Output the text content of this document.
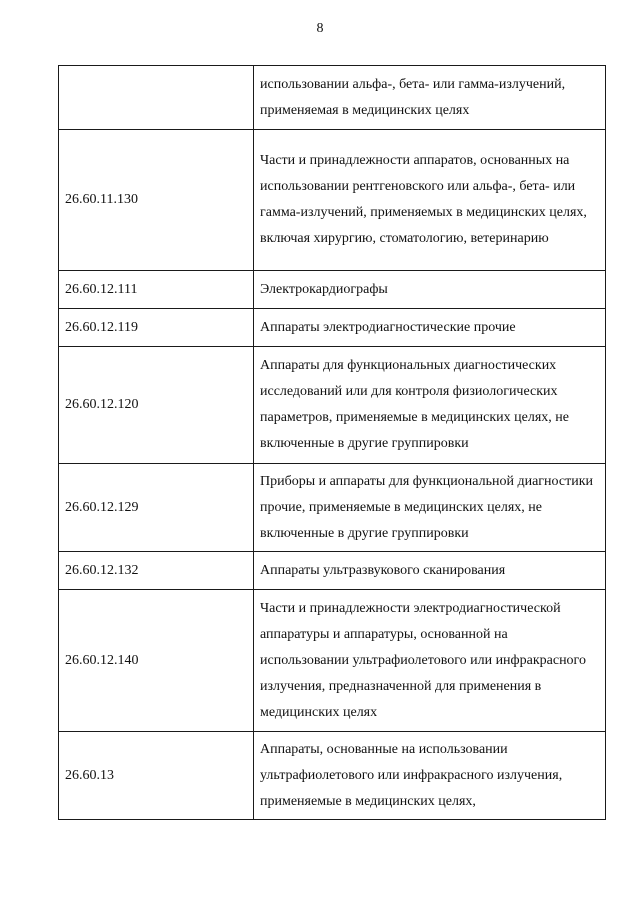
8

	использовании альфа-, бета- или гамма-излучений, применяемая в медицинских целях

26.60.11.130	Части и принадлежности аппаратов, основанных на использовании рентгеновского или альфа-, бета- или гамма-излучений, применяемых в медицинских целях, включая хирургию, стоматологию, ветеринарию

26.60.12.111	Электрокардиографы

26.60.12.119	Аппараты электродиагностические прочие

26.60.12.120	Аппараты для функциональных диагностических исследований или для контроля физиологических параметров, применяемые в медицинских целях, не включенные в другие группировки

26.60.12.129	Приборы и аппараты для функциональной диагностики прочие, применяемые в медицинских целях, не включенные в другие группировки

26.60.12.132	Аппараты ультразвукового сканирования

26.60.12.140	Части и принадлежности электродиагностической аппаратуры и аппаратуры, основанной на использовании ультрафиолетового или инфракрасного излучения, предназначенной для применения в медицинских целях

26.60.13	Аппараты, основанные на использовании ультрафиолетового или инфракрасного излучения, применяемые в медицинских целях,
